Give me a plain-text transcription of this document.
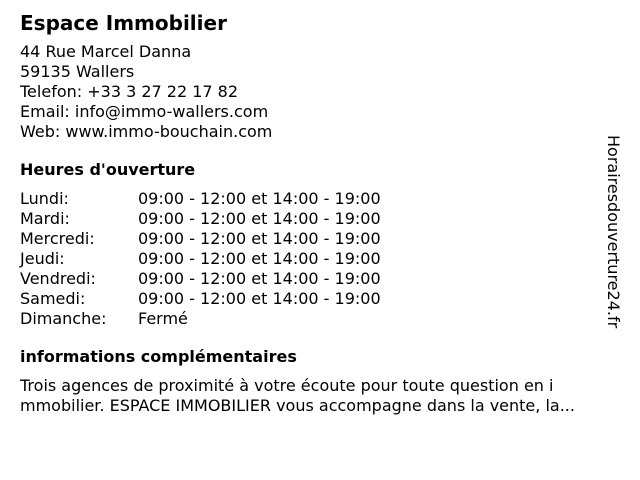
Espace Immobilier
44 Rue Marcel Danna
59135 Wallers
Telefon: +33 3 27 22 17 82
Email: info@immo-wallers.com
Web: www.immo-bouchain.com
Heures d'ouverture
Lundi:	09:00 - 12:00 et 14:00 - 19:00
Mardi:	09:00 - 12:00 et 14:00 - 19:00
Mercredi:	09:00 - 12:00 et 14:00 - 19:00
Jeudi:	09:00 - 12:00 et 14:00 - 19:00
Vendredi:	09:00 - 12:00 et 14:00 - 19:00
Samedi:	09:00 - 12:00 et 14:00 - 19:00
Dimanche:	Fermé
informations complémentaires
Trois agences de proximité à votre écoute pour toute question en i
mmobilier. ESPACE IMMOBILIER vous accompagne dans la vente, la...
Horairesdouverture24.fr
